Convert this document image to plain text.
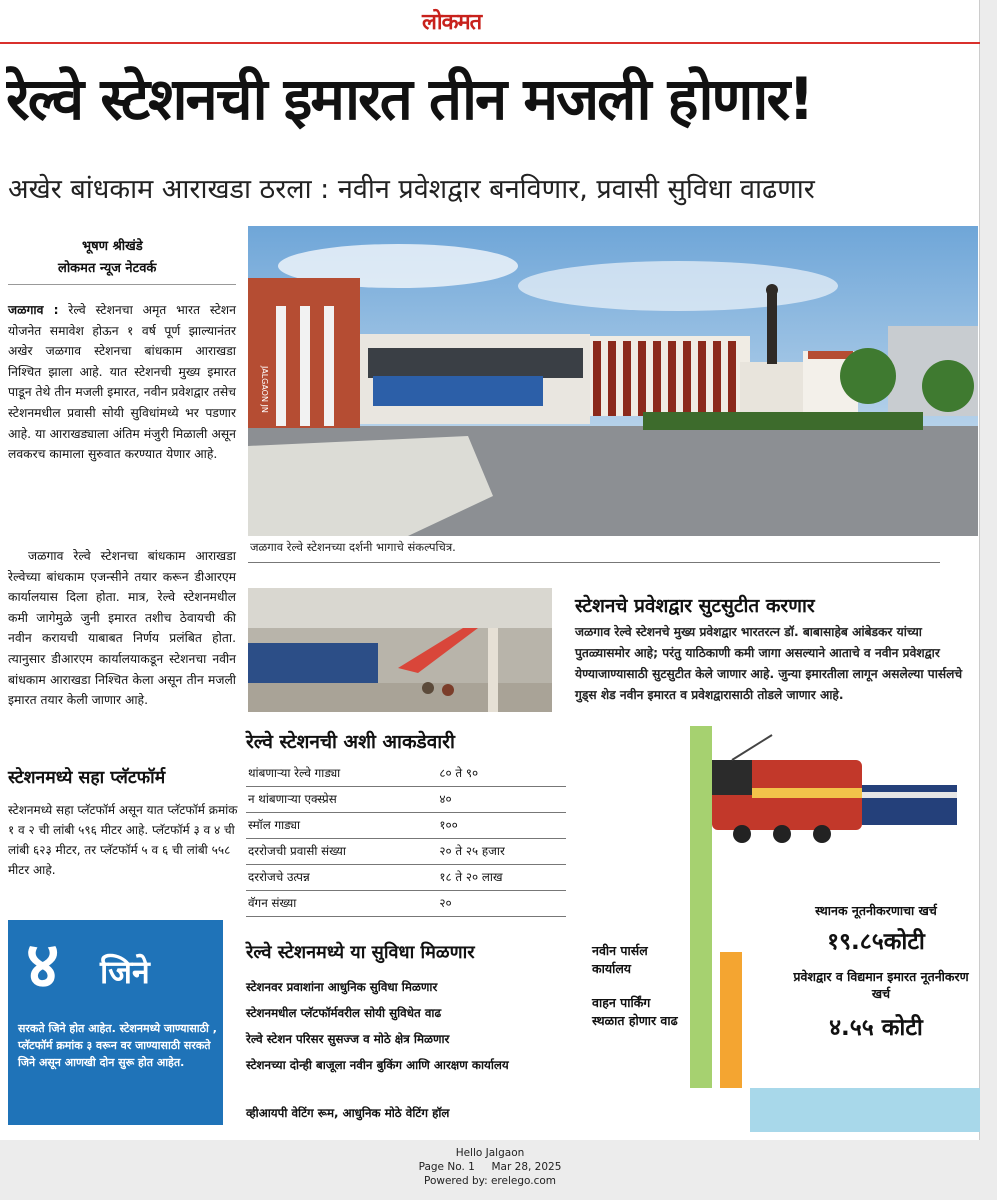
लोकमत
रेल्वे स्टेशनची इमारत तीन मजली होणार!
अखेर बांधकाम आराखडा ठरला : नवीन प्रवेशद्वार बनविणार, प्रवासी सुविधा वाढणार
भूषण श्रीखंडे
लोकमत न्यूज नेटवर्क
जळगाव : रेल्वे स्टेशनचा अमृत भारत स्टेशन योजनेत समावेश होऊन १ वर्ष पूर्ण झाल्यानंतर अखेर जळगाव स्टेशनचा बांधकाम आराखडा निश्चित झाला आहे. यात स्टेशनची मुख्य इमारत पाडून तेथे तीन मजली इमारत, नवीन प्रवेशद्वार तसेच स्टेशनमधील प्रवासी सोयी सुविधांमध्ये भर पडणार आहे. या आराखड्याला अंतिम मंजुरी मिळाली असून लवकरच कामाला सुरुवात करण्यात येणार आहे.
जळगाव रेल्वे स्टेशनचा बांधकाम आराखडा रेल्वेच्या बांधकाम एजन्सीने तयार करून डीआरएम कार्यालयास दिला होता. मात्र, रेल्वे स्टेशनमधील कमी जागेमुळे जुनी इमारत तशीच ठेवायची की नवीन करायची याबाबत निर्णय प्रलंबित होता. त्यानुसार डीआरएम कार्यालयाकडून स्टेशनचा नवीन बांधकाम आराखडा निश्चित केला असून तीन मजली इमारत तयार केली जाणार आहे.
स्टेशनमध्ये सहा प्लॅटफॉर्म
स्टेशनमध्ये सहा प्लॅटफॉर्म असून यात प्लॅटफॉर्म क्रमांक १ व २ ची लांबी ५९६ मीटर आहे. प्लॅटफॉर्म ३ व ४ ची लांबी ६२३ मीटर, तर प्लॅटफॉर्म ५ व ६ ची लांबी ५५८ मीटर आहे.
४ जिने

सरकते जिने होत आहेत. स्टेशनमध्ये जाण्यासाठी , प्लॅटफॉर्म क्रमांक ३ वरून वर जाण्यासाठी सरकते जिने असून आणखी दोन सुरू होत आहेत.

JALGAON JN
जळगाव रेल्वे स्टेशनच्या दर्शनी भागाचे संकल्पचित्र.
रेल्वे स्टेशनची अशी आकडेवारी
थांबणाऱ्या रेल्वे गाड्या	८० ते ९०
न थांबणाऱ्या एक्स्प्रेस	४०
स्मॉल गाड्या	१००
दररोजची प्रवासी संख्या	२० ते २५ हजार
दररोजचे उत्पन्न	१८ ते २० लाख
वॅगन संख्या	२०
रेल्वे स्टेशनमध्ये या सुविधा मिळणार
स्टेशनवर प्रवाशांना आधुनिक सुविधा मिळणार
स्टेशनमधील प्लॅटफॉर्मवरील सोयी सुविधेत वाढ
रेल्वे स्टेशन परिसर सुसज्ज व मोठे क्षेत्र मिळणार
स्टेशनच्या दोन्ही बाजूला नवीन बुकिंग आणि आरक्षण कार्यालय
व्हीआयपी वेटिंग रूम, आधुनिक मोठे वेटिंग हॉल
स्टेशनचे प्रवेशद्वार सुटसुटीत करणार
जळगाव रेल्वे स्टेशनचे मुख्य प्रवेशद्वार भारतरत्न डॉ. बाबासाहेब आंबेडकर यांच्या पुतळ्यासमोर आहे; परंतु याठिकाणी कमी जागा असल्याने आताचे व नवीन प्रवेशद्वार येण्याजाण्यासाठी सुटसुटीत केले जाणार आहे. जुन्या इमारतीला लागून असलेल्या पार्सलचे गुड्स शेड नवीन इमारत व प्रवेशद्वारासाठी तोडले जाणार आहे.
स्थानक नूतनीकरणाचा खर्च
१९.८५कोटी
प्रवेशद्वार व विद्यमान इमारत नूतनीकरण खर्च
४.५५ कोटी
नवीन पार्सल कार्यालय
वाहन पार्किंग स्थळात होणार वाढ
Hello Jalgaon
Page No. 1     Mar 28, 2025
Powered by: erelego.com
